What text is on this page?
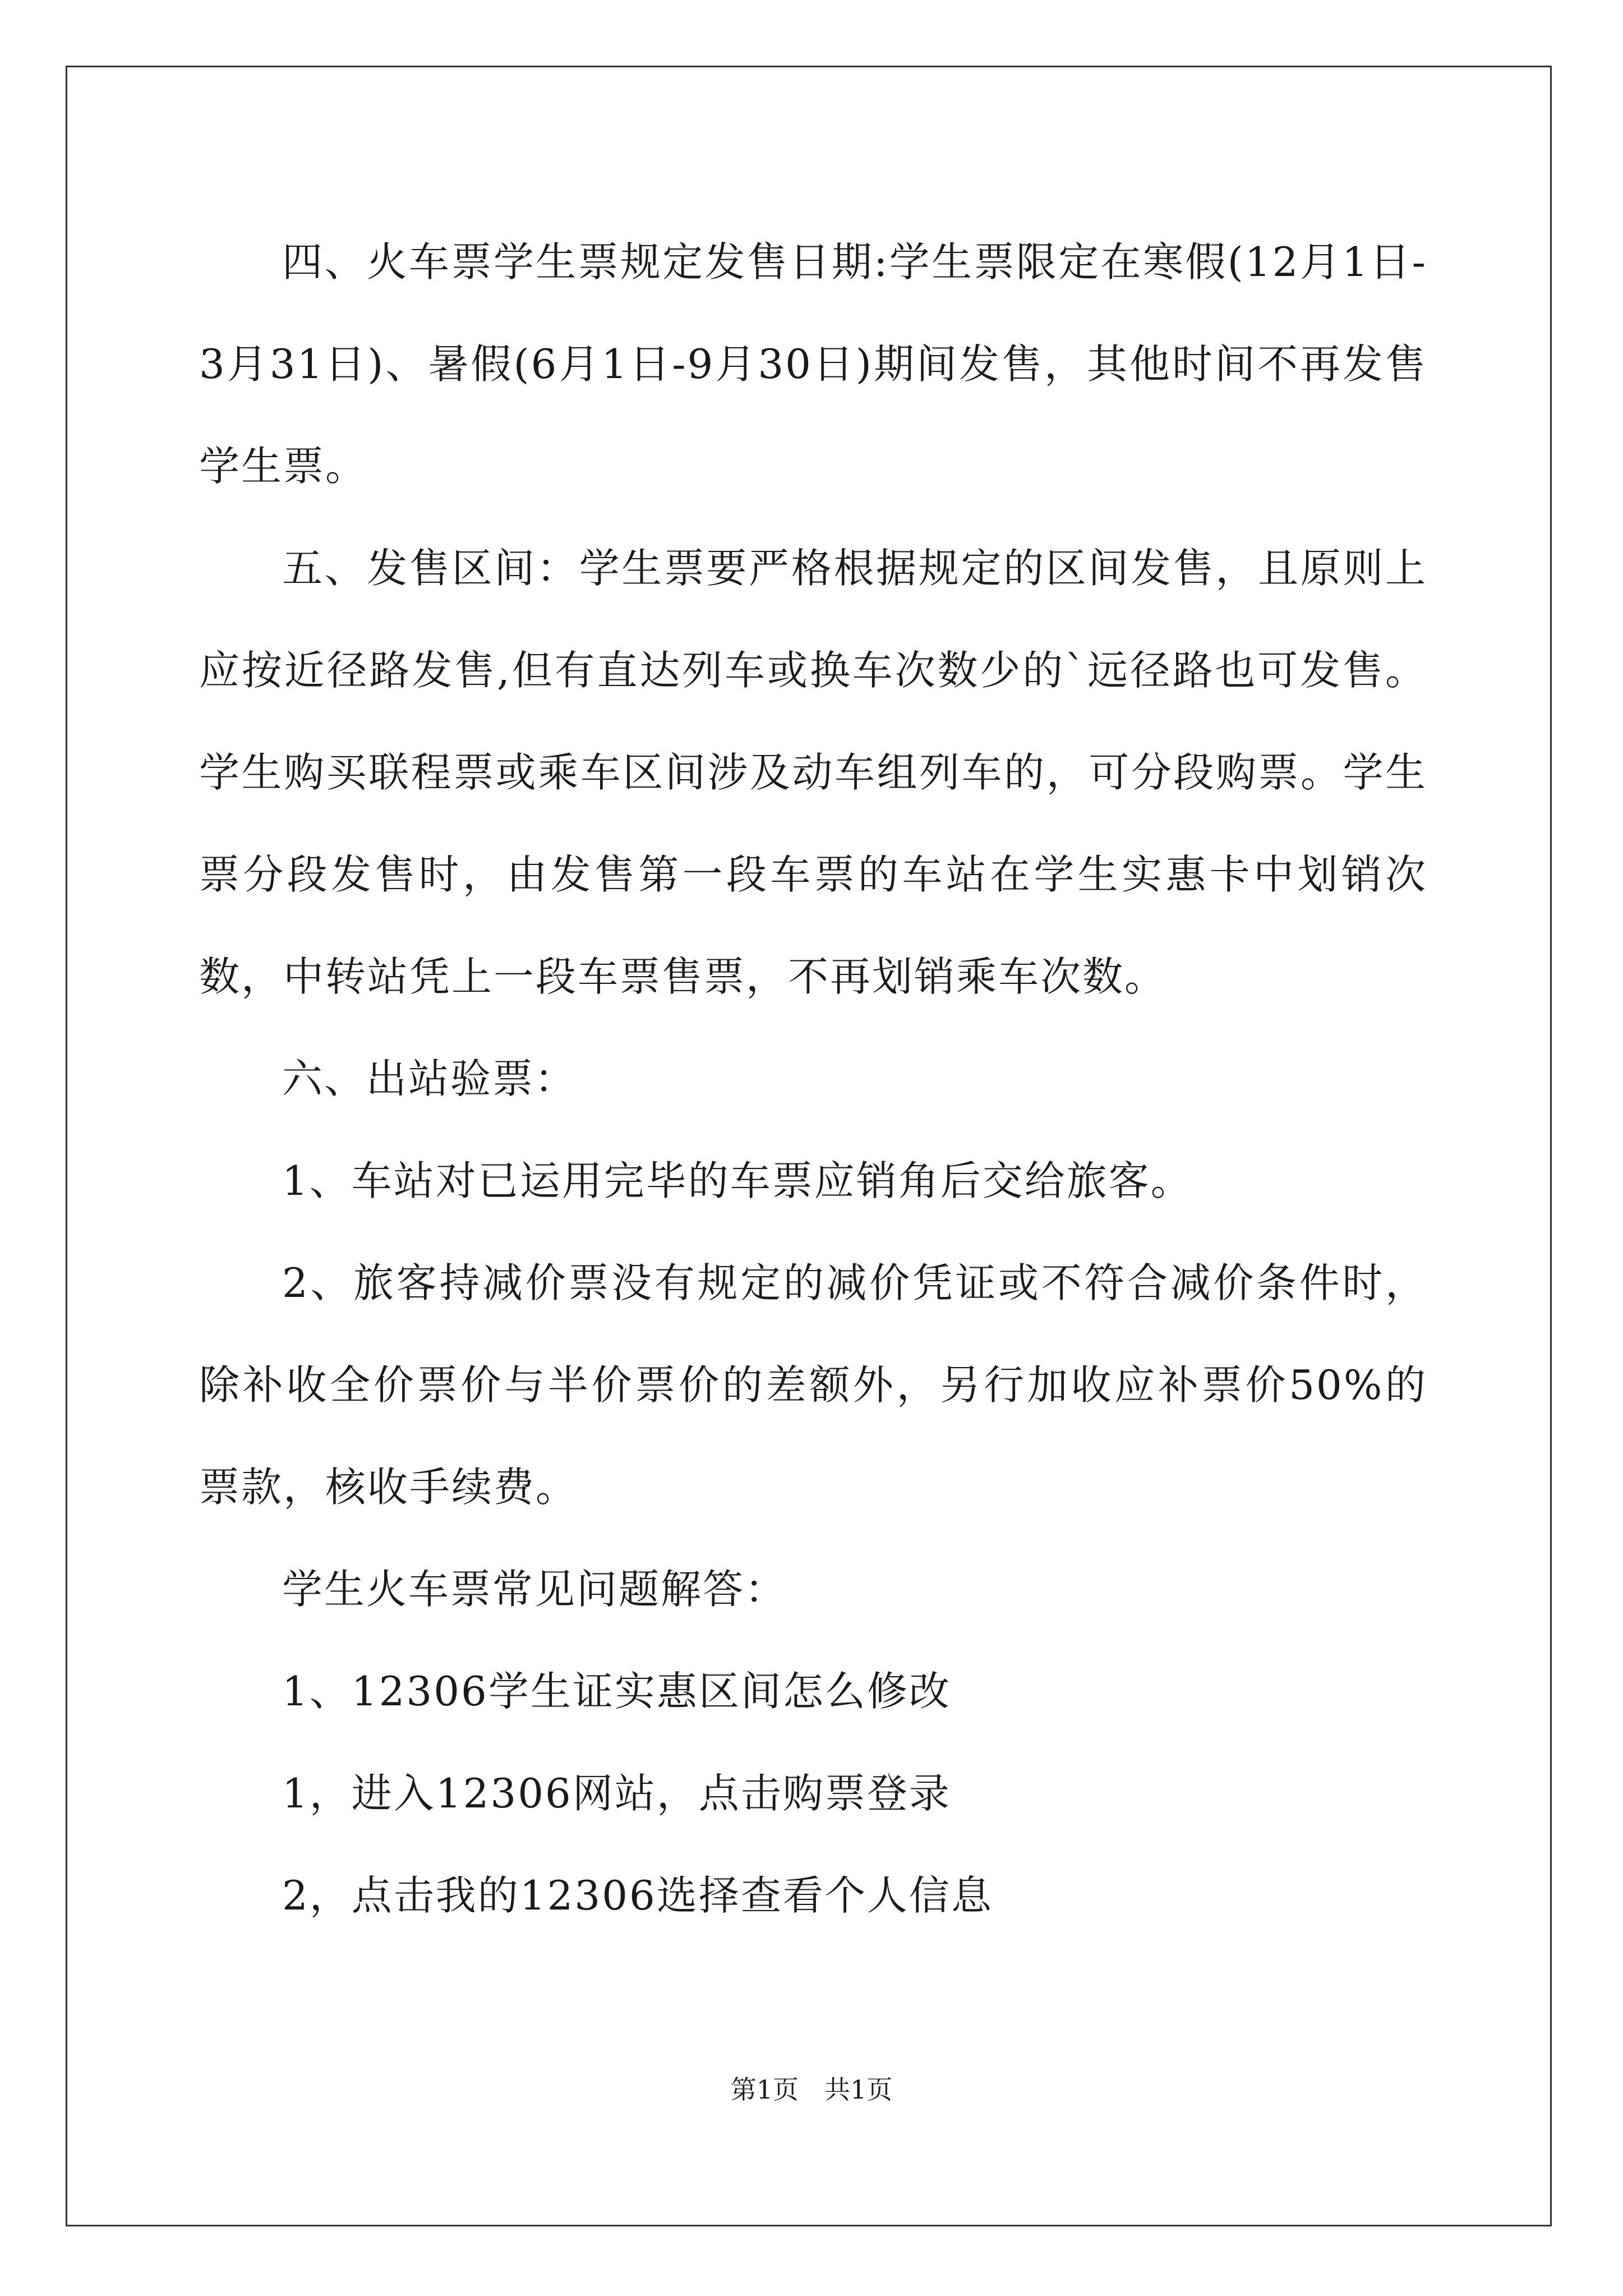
四、火车票学生票规定发售日期:学生票限定在寒假(12月1日-3月31日)、暑假(6月1日-9月30日)期间发售，其他时间不再发售学生票。

五、发售区间：学生票要严格根据规定的区间发售，且原则上应按近径路发售,但有直达列车或换车次数少的`远径路也可发售。学生购买联程票或乘车区间涉及动车组列车的，可分段购票。学生票分段发售时，由发售第一段车票的车站在学生实惠卡中划销次数，中转站凭上一段车票售票，不再划销乘车次数。

六、出站验票：

1、车站对已运用完毕的车票应销角后交给旅客。

2、旅客持减价票没有规定的减价凭证或不符合减价条件时，除补收全价票价与半价票价的差额外，另行加收应补票价50%的票款，核收手续费。

学生火车票常见问题解答：

1、12306学生证实惠区间怎么修改

1，进入12306网站，点击购票登录

2，点击我的12306选择查看个人信息

第1页 共1页
